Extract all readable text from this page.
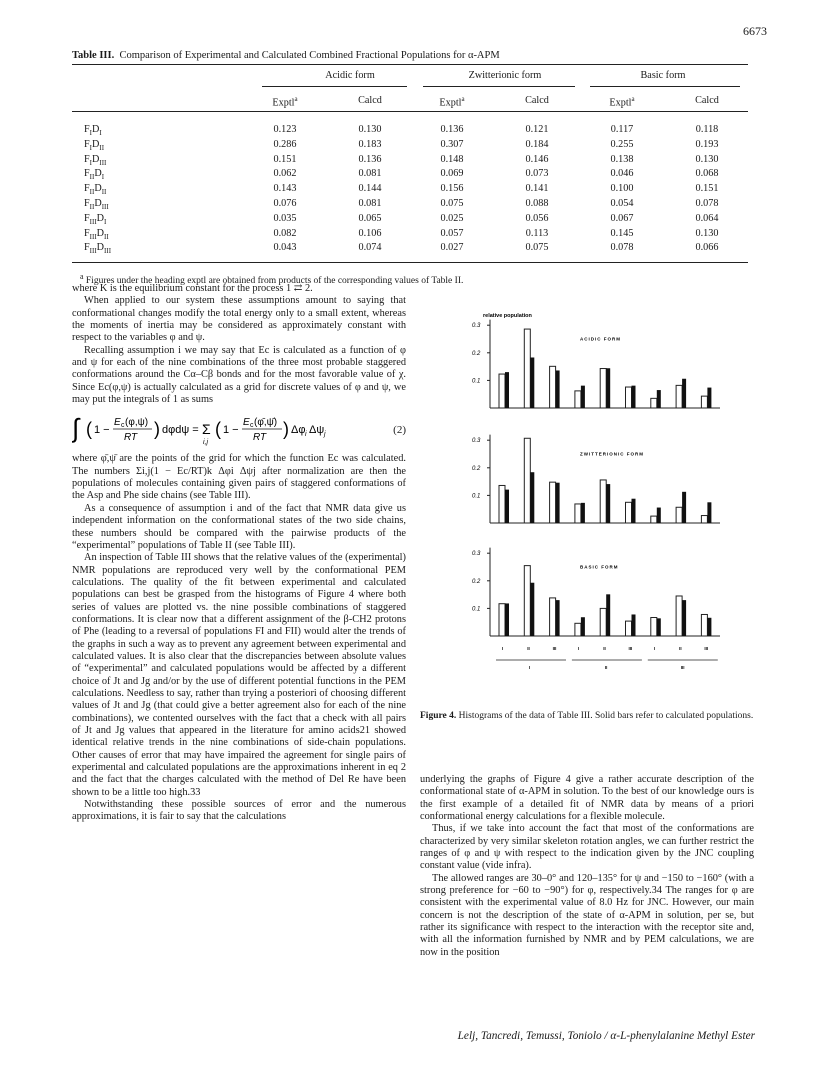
6673
Table III. Comparison of Experimental and Calculated Combined Fractional Populations for α-APM
Acidic form	Zwitterionic form	Basic form
Exptl$^a$	Calcd	Exptl$^a$	Calcd	Exptl$^a$	Calcd
$F_ID_I$	0.123	0.130	0.136	0.121	0.117	0.118
$F_ID_{II}$	0.286	0.183	0.307	0.184	0.255	0.193
$F_ID_{III}$	0.151	0.136	0.148	0.146	0.138	0.130
$F_{II}D_I$	0.062	0.081	0.069	0.073	0.046	0.068
$F_{II}D_{II}$	0.143	0.144	0.156	0.141	0.100	0.151
$F_{II}D_{III}$	0.076	0.081	0.075	0.088	0.054	0.078
$F_{III}D_I$	0.035	0.065	0.025	0.056	0.067	0.064
$F_{III}D_{II}$	0.082	0.106	0.057	0.113	0.145	0.130
$F_{III}D_{III}$	0.043	0.074	0.027	0.075	0.078	0.066
$^a$ Figures under the heading exptl are obtained from products of the corresponding values of Table II.

where K is the equilibrium constant for the process 1 ⇄ 2.

When applied to our system these assumptions amount to saying that conformational changes modify the total energy only to a small extent, whereas the moments of inertia may be considered as approximately constant with respect to the variables φ and ψ.

Recalling assumption i we may say that Ec is calculated as a function of φ and ψ for each of the nine combinations of the three most probable staggered conformations around the Cα–Cβ bonds and for the most favorable value of χ. Since Ec(φ,ψ) is actually calculated as a grid for discrete values of φ and ψ, we may put the integrals of 1 as sums

∫ ( 1 −
E c (φ,ψ)
RT ) dφdψ = Σ
i,j
( 1 −
E c (φ̄,ψ̄)
RT ) Δφ i Δψ j	(2)

where φ̄,ψ̄ are the points of the grid for which the function Ec was calculated. The numbers Σi,j(1 − Ec/RT)k Δφi Δψj after normalization are then the populations of molecules containing given pairs of staggered conformations of the Asp and Phe side chains (see Table III).

As a consequence of assumption i and of the fact that NMR data give us independent information on the conformational states of the two side chains, these numbers should be compared with the pairwise products of the “experimental” populations of Table II (see Table III).

An inspection of Table III shows that the relative values of the (experimental) NMR populations are reproduced very well by the conformational PEM calculations. The quality of the fit between experimental and calculated populations can best be grasped from the histograms of Figure 4 where both series of values are plotted vs. the nine possible combinations of staggered conformations. It is clear now that a different assignment of the β-CH2 protons of Phe (leading to a reversal of populations FI and FII) would alter the trends of the graphs in such a way as to prevent any agreement between experimental and calculated values. It is also clear that the discrepancies between absolute values of “experimental” and calculated populations would be affected by a different choice of Jt and Jg and/or by the use of different potential functions in the PEM calculations. Needless to say, rather than trying a posteriori of choosing different values of Jt and Jg (that could give a better agreement also for each of the nine combinations), we contented ourselves with the fact that a check with all pairs of Jt and Jg values that appeared in the literature for amino acids21 showed identical relative trends in the nine combinations of side-chain populations. Other causes of error that may have impaired the agreement for single pairs of experimental and calculated populations are the approximations inherent in eq 2 and the fact that the charges calculated with the method of Del Re have been shown to be a little too high.33

Notwithstanding these possible sources of error and the numerous approximations, it is fair to say that the calculations

relative population
0.1
0.2
0.3
ACIDIC FORM
0.1
0.2
0.3
ZWITTERIONIC FORM
0.1
0.2
0.3
BASIC FORM
I	II	III	I	II	III	I	II	III
I	II	III
Figure 4. Histograms of the data of Table III. Solid bars refer to calculated populations.

underlying the graphs of Figure 4 give a rather accurate description of the conformational state of α-APM in solution. To the best of our knowledge ours is the first example of a detailed fit of NMR data by means of a priori conformational energy calculations for a flexible molecule.

Thus, if we take into account the fact that most of the conformations are characterized by very similar skeleton rotation angles, we can further restrict the ranges of φ and ψ with respect to the indication given by the JNC coupling constant value (vide infra).

The allowed ranges are 30–0° and 120–135° for ψ and −150 to −160° (with a strong preference for −60 to −90°) for φ, respectively.34 The ranges for φ are consistent with the experimental value of 8.0 Hz for JNC. However, our main concern is not the description of the state of α-APM in solution, per se, but rather its significance with respect to the interaction with the receptor site and, with all the information furnished by NMR and by PEM calculations, we are now in the position

Lelj, Tancredi, Temussi, Toniolo / α-L-phenylalanine Methyl Ester
